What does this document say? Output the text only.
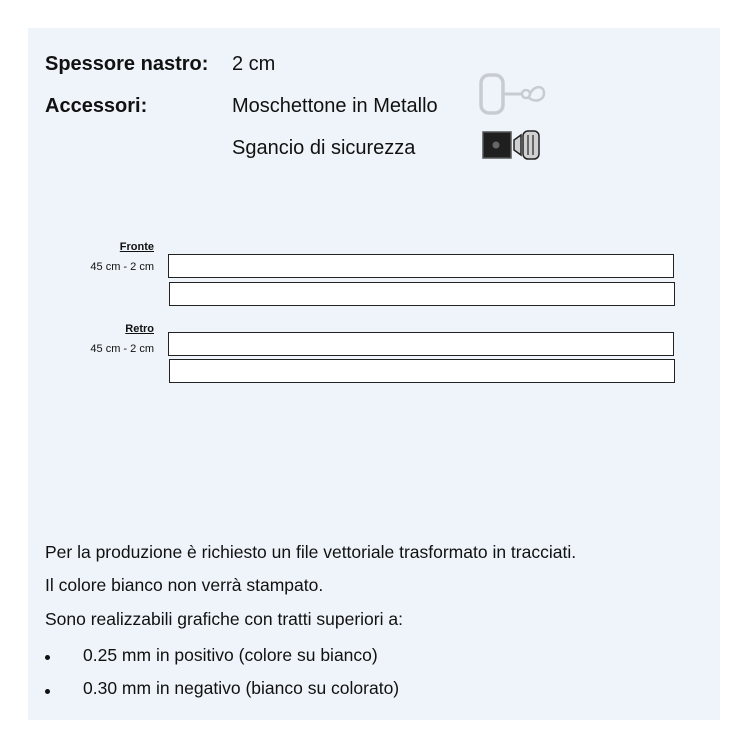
Spessore nastro: 2 cm
Accessori:	Moschettone in Metallo
Sgancio di sicurezza
Fronte
45 cm - 2 cm
Retro
45 cm - 2 cm
Per la produzione è richiesto un file vettoriale trasformato in tracciati.
Il colore bianco non verrà stampato.
Sono realizzabili grafiche con tratti superiori a:
0.25 mm in positivo (colore su bianco)
0.30 mm in negativo (bianco su colorato)
